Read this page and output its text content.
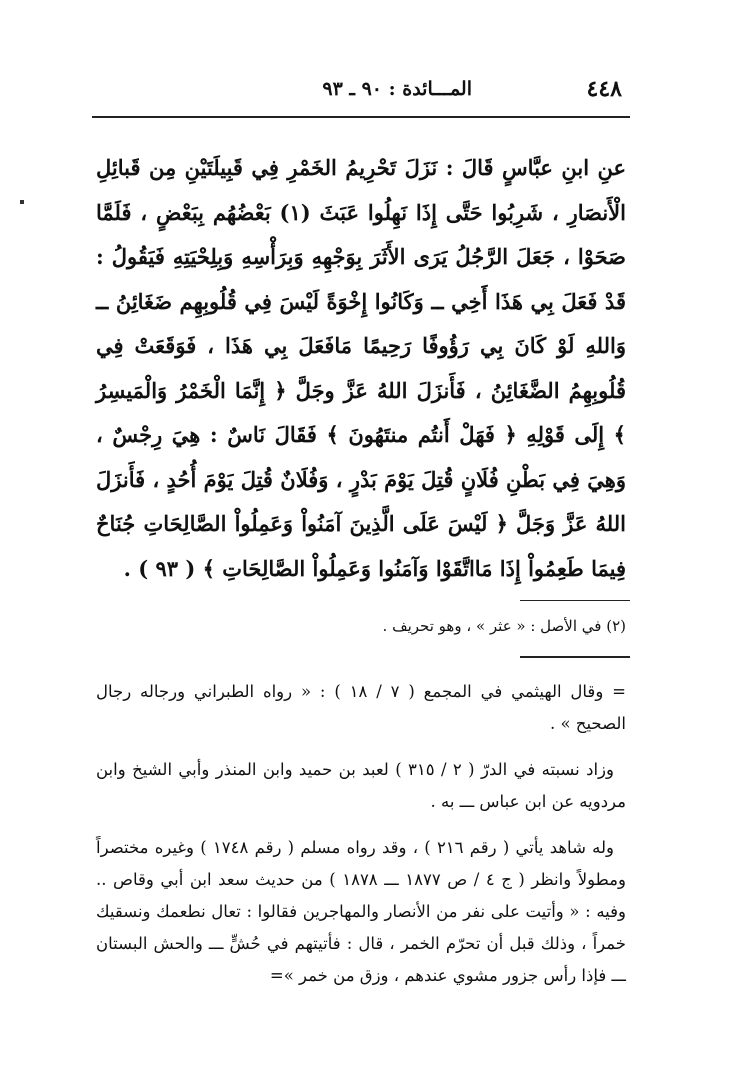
٤٤٨
المـــائدة : ٩٠ ـ ٩٣

عنِ ابنِ عبَّاسٍ قَالَ : نَزَلَ تَحْرِيمُ الخَمْرِ فِي قَبِيلَتَيْنِ مِن قَبائِلِ الْأَنصَارِ ، شَرِبُوا حَتَّى إِذَا نَهِلُوا عَبَثَ (١) بَعْضُهُم بِبَعْضٍ ، فَلَمَّا صَحَوْا ، جَعَلَ الرَّجُلُ يَرَى الأَثَرَ بِوَجْهِهِ وَبِرَأْسِهِ وَبِلِحْيَتِهِ فَيَقُولُ : قَدْ فَعَلَ بِي هَذَا أَخِي ــ وَكَانُوا إِخْوَةً لَيْسَ فِي قُلُوبِهِم ضَغَائِنُ ــ وَاللهِ لَوْ كَانَ بِي رَؤُوفًا رَحِيمًا مَافَعَلَ بِي هَذَا ، فَوَقَعَتْ فِي قُلُوبِهِمُ الضَّغَائِنُ ، فَأَنزَلَ اللهُ عَزَّ وجَلَّ ﴿ إِنَّمَا الْخَمْرُ وَالْمَيسِرُ ﴾ إِلَى قَوْلِهِ ﴿ فَهَلْ أَنتُم منتَهُونَ ﴾ فَقَالَ نَاسٌ : هِيَ رِجْسٌ ، وَهِيَ فِي بَطْنِ فُلَانٍ قُتِلَ يَوْمَ بَدْرٍ ، وَفُلَانٌ قُتِلَ يَوْمَ أُحُدٍ ، فَأَنزَلَ اللهُ عَزَّ وَجَلَّ ﴿ لَيْسَ عَلَى الَّذِينَ آمَنُواْ وَعَمِلُواْ الصَّالِحَاتِ جُنَاحٌ فِيمَا طَعِمُواْ إِذَا مَااتَّقَوْا وَآمَنُوا وَعَمِلُواْ الصَّالِحَاتِ ﴾ ( ٩٣ ) .

(٢) في الأصل : « عثر » ، وهو تحريف .

= وقال الهيثمي في المجمع ( ٧ / ١٨ ) : « رواه الطبراني ورجاله رجال الصحيح » .

وزاد نسبته في الدرّ ( ٢ / ٣١٥ ) لعبد بن حميد وابن المنذر وأبي الشيخ وابن مردويه عن ابن عباس ـــ به .

وله شاهد يأتي ( رقم ٢١٦ ) ، وقد رواه مسلم ( رقم ١٧٤٨ ) وغيره مختصراً ومطولاً وانظر ( ج ٤ / ص ١٨٧٧ ـــ ١٨٧٨ ) من حديث سعد ابن أبي وقاص .. وفيه : « وأتيت على نفر من الأنصار والمهاجرين فقالوا : تعال نطعمك ونسقيك خمراً ، وذلك قبل أن تحرّم الخمر ، قال : فأتيتهم في حُشٍّ ـــ والحش البستان ـــ فإذا رأس جزور مشوي عندهم ، وزق من خمر »=
